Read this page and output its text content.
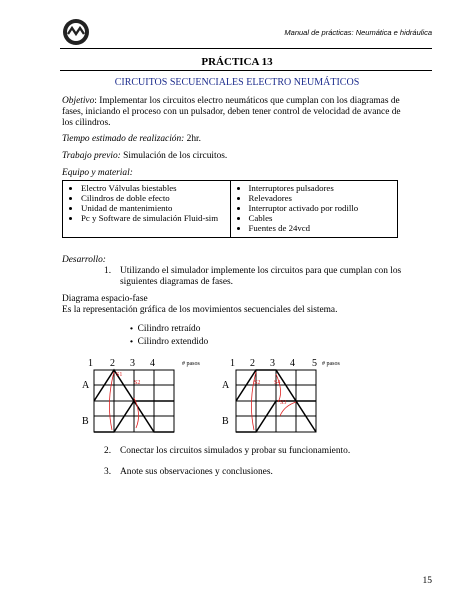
Manual de prácticas: Neumática e hidráulica
PRÁCTICA 13
CIRCUITOS SECUENCIALES ELECTRO NEUMÁTICOS
Objetivo: Implementar los circuitos electro neumáticos que cumplan con los diagramas de fases, iniciando el proceso con un pulsador, deben tener control de velocidad de avance de los cilindros.
Tiempo estimado de realización: 2hr.
Trabajo previo: Simulación de los circuitos.
Equipo y material:
• Electro Válvulas biestables
• Cilindros de doble efecto
• Unidad de mantenimiento
• Pc y Software de simulación Fluid-sim

• Interruptores pulsadores
• Relevadores
• Interruptor activado por rodillo
• Cables
• Fuentes de 24vcd
Desarrollo:
1. Utilizando el simulador implemente los circuitos para que cumplan con los siguientes diagramas de fases.
Diagrama espacio-fase
Es la representación gráfica de los movimientos secuenciales del sistema.
• Cilindro retraído
• Cilindro extendido
1 2 3 4	# pasos
A
B
S1
S2
1 2 3 4 5 # pasos
A
B
S2 S4
S3
2. Conectar los circuitos simulados y probar su funcionamiento.
3. Anote sus observaciones y conclusiones.
15
